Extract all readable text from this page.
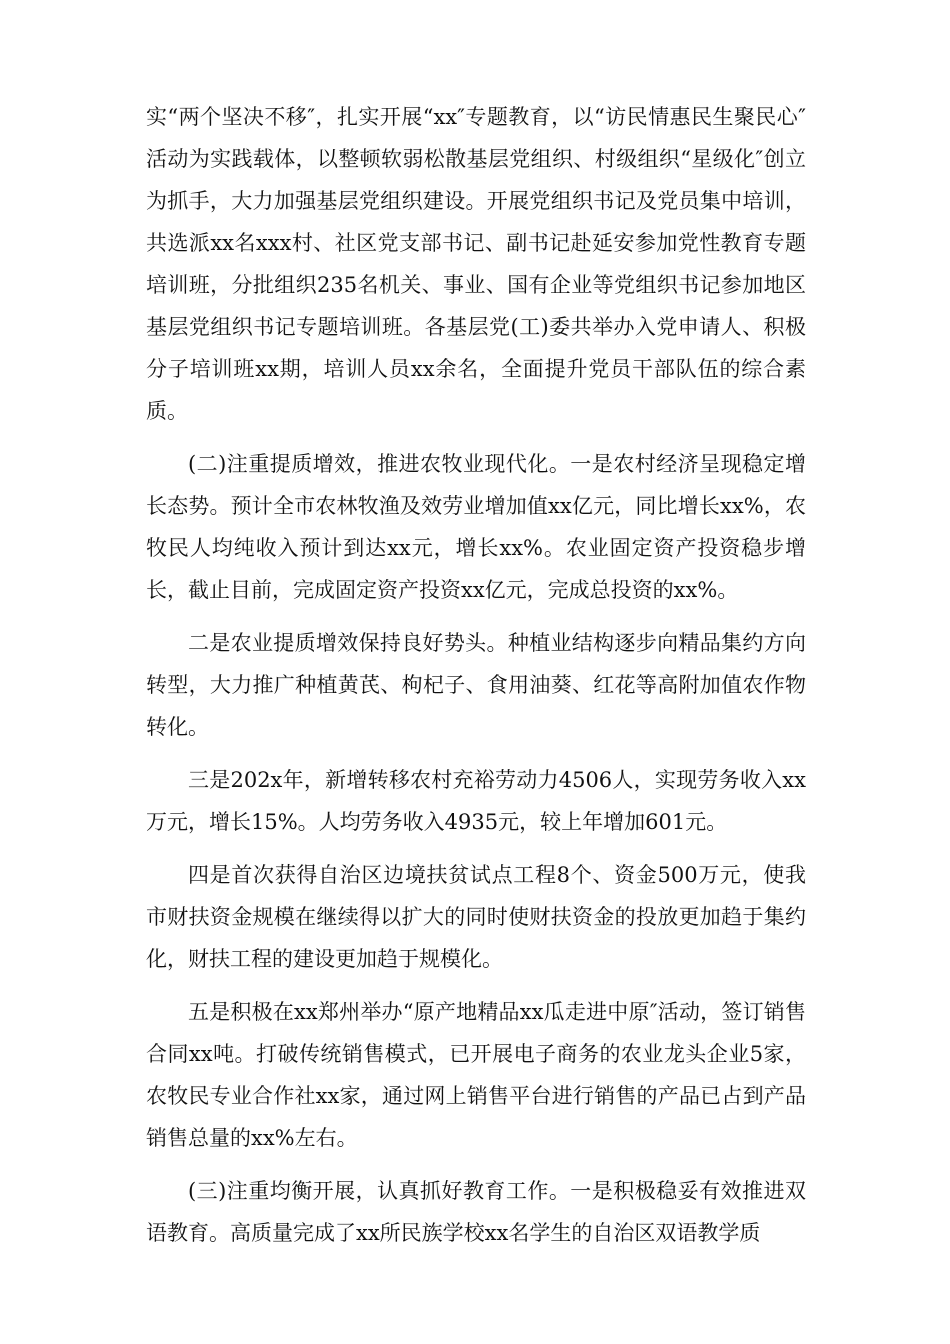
实“两个坚决不移″，扎实开展“xx″专题教育，以“访民情惠民生聚民心″活动为实践载体，以整顿软弱松散基层党组织、村级组织“星级化″创立为抓手，大力加强基层党组织建设。开展党组织书记及党员集中培训，共选派xx名xxx村、社区党支部书记、副书记赴延安参加党性教育专题培训班，分批组织235名机关、事业、国有企业等党组织书记参加地区基层党组织书记专题培训班。各基层党(工)委共举办入党申请人、积极分子培训班xx期，培训人员xx余名，全面提升党员干部队伍的综合素质。

(二)注重提质增效，推进农牧业现代化。一是农村经济呈现稳定增长态势。预计全市农林牧渔及效劳业增加值xx亿元，同比增长xx%，农牧民人均纯收入预计到达xx元，增长xx%。农业固定资产投资稳步增长，截止目前，完成固定资产投资xx亿元，完成总投资的xx%。

二是农业提质增效保持良好势头。种植业结构逐步向精品集约方向转型，大力推广种植黄芪、枸杞子、食用油葵、红花等高附加值农作物转化。

三是202x年，新增转移农村充裕劳动力4506人，实现劳务收入xx万元，增长15%。人均劳务收入4935元，较上年增加601元。

四是首次获得自治区边境扶贫试点工程8个、资金500万元，使我市财扶资金规模在继续得以扩大的同时使财扶资金的投放更加趋于集约化，财扶工程的建设更加趋于规模化。

五是积极在xx郑州举办“原产地精品xx瓜走进中原″活动，签订销售合同xx吨。打破传统销售模式，已开展电子商务的农业龙头企业5家，农牧民专业合作社xx家，通过网上销售平台进行销售的产品已占到产品销售总量的xx%左右。

(三)注重均衡开展，认真抓好教育工作。一是积极稳妥有效推进双语教育。高质量完成了xx所民族学校xx名学生的自治区双语教学质
